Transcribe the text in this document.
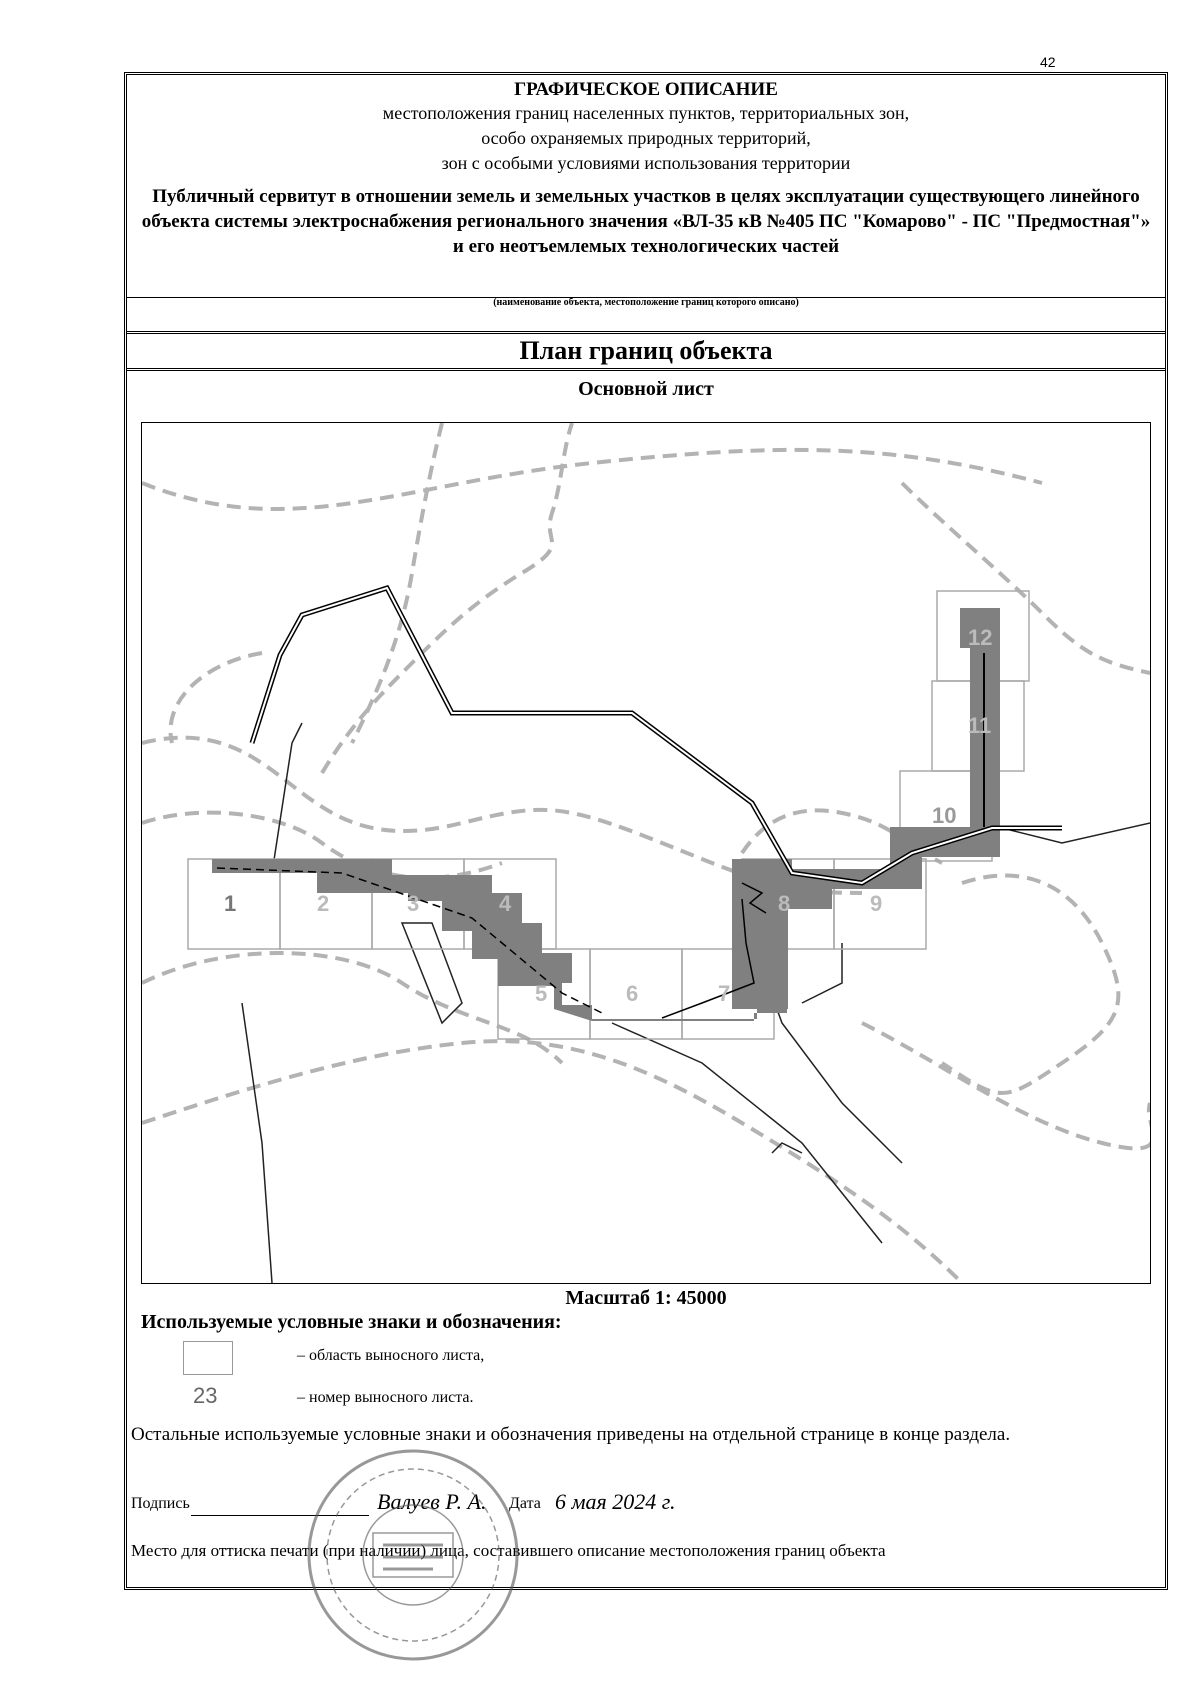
42
ГРАФИЧЕСКОЕ ОПИСАНИЕ
местоположения границ населенных пунктов, территориальных зон,
особо охраняемых природных территорий,
зон с особыми условиями использования территории
Публичный сервитут в отношении земель и земельных участков в целях эксплуатации существующего линейного объекта системы электроснабжения регионального значения «ВЛ-35 кВ №405 ПС "Комарово" - ПС "Предмостная"» и его неотъемлемых технологических частей
(наименование объекта, местоположение границ которого описано)
План границ объекта
Основной лист
1	2	3	4
5	6	7
8	9
10
11
12
Масштаб 1: 45000
Используемые условные знаки и обозначения:
– область выносного листа,
23	– номер выносного листа.
Остальные используемые условные знаки и обозначения приведены на отдельной странице в конце раздела.
Подпись	Валуев Р. А. Дата 6 мая 2024 г.
Место для оттиска печати (при наличии) лица, составившего описание местоположения границ объекта
